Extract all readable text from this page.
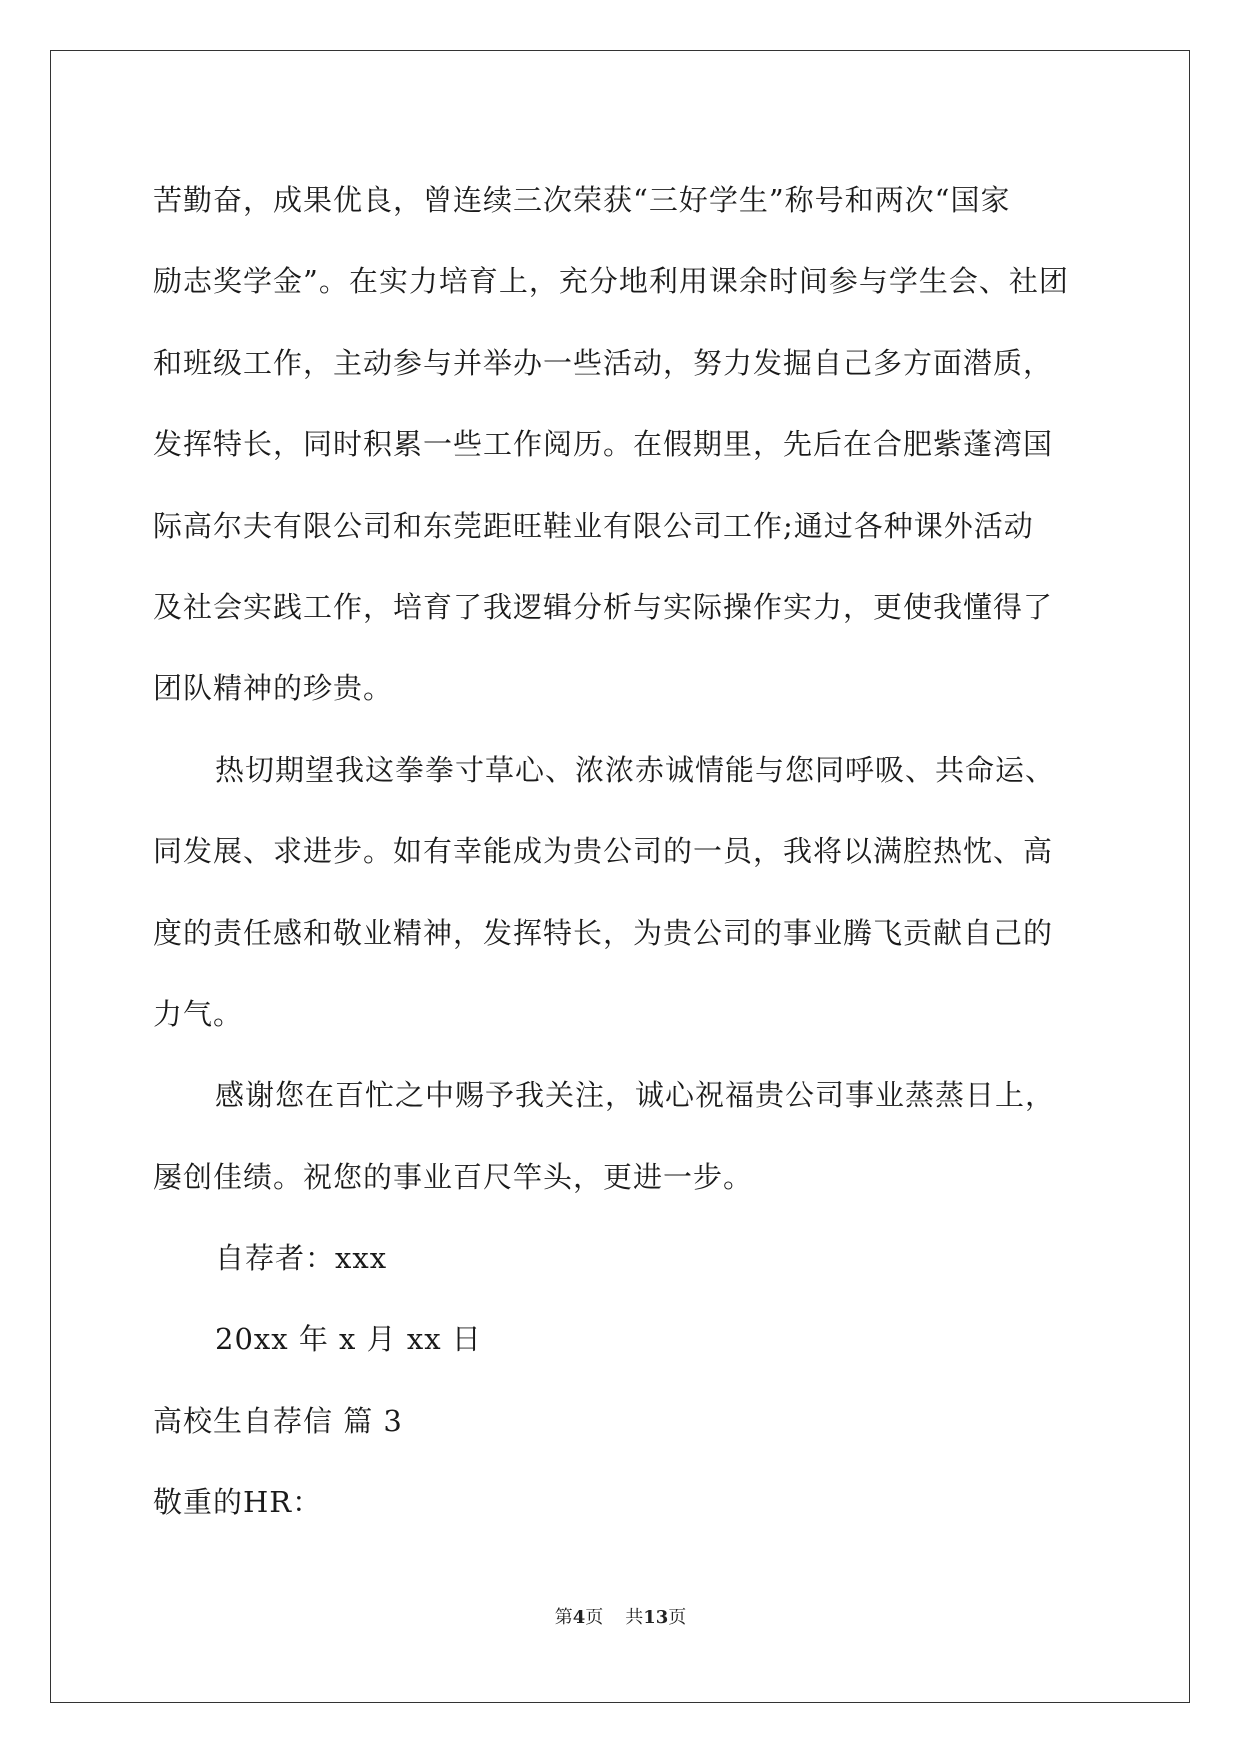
苦勤奋，成果优良，曾连续三次荣获“三好学生”称号和两次“国家
励志奖学金”。在实力培育上，充分地利用课余时间参与学生会、社团
和班级工作，主动参与并举办一些活动，努力发掘自己多方面潜质，
发挥特长，同时积累一些工作阅历。在假期里，先后在合肥紫蓬湾国
际高尔夫有限公司和东莞距旺鞋业有限公司工作;通过各种课外活动
及社会实践工作，培育了我逻辑分析与实际操作实力，更使我懂得了
团队精神的珍贵。
热切期望我这拳拳寸草心、浓浓赤诚情能与您同呼吸、共命运、
同发展、求进步。如有幸能成为贵公司的一员，我将以满腔热忱、高
度的责任感和敬业精神，发挥特长，为贵公司的事业腾飞贡献自己的
力气。
感谢您在百忙之中赐予我关注，诚心祝福贵公司事业蒸蒸日上，
屡创佳绩。祝您的事业百尺竿头，更进一步。
自荐者：xxx
20xx 年 x 月 xx 日
高校生自荐信 篇 3
敬重的HR：
第4页 共13页
